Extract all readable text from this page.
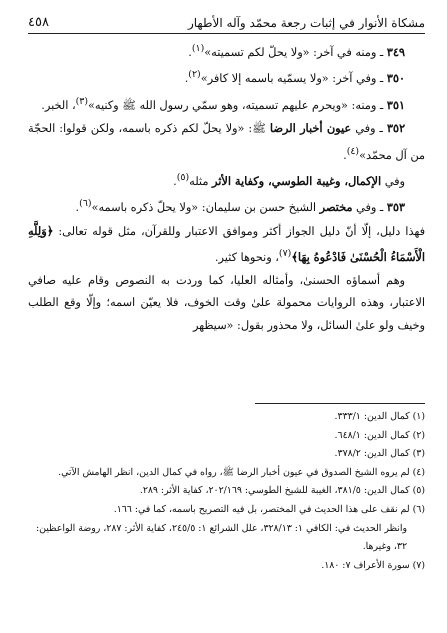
مشكاة الأنوار في إثبات رجعة محمّد وآله الأطهار
٤٥٨

٣٤٩ ـ ومنه في آخر: «ولا يحلّ لكم تسميته»$^{(١)}$.

٣٥٠ ـ وفي آخر: «ولا يسمّيه باسمه إلا كافر»$^{(٢)}$.

٣٥١ ـ ومنه: «ويحرم عليهم تسميته، وهو سمّي رسول الله ﷺ وكنيه»$^{(٣)}$، الخبر.

٣٥٢ ـ وفي عيون أخبار الرضا ﷺ: «ولا يحلّ لكم ذكره باسمه، ولكن قولوا: الحجّة من آل محمّد»$^{(٤)}$.

وفي الإكمال، وغيبة الطوسي، وكفاية الأثر مثله$^{(٥)}$.

٣٥٣ ـ وفي مختصر الشيخ حسن بن سليمان: «ولا يحلّ ذكره باسمه»$^{(٦)}$.

فهذا دليل، إلّا أنّ دليل الجواز أكثر وموافق الاعتبار وللقرآن، مثل قوله تعالى: ﴿وَلِلَّهِ الْأَسْمَاءُ الْحُسْنَىٰ فَادْعُوهُ بِهَا﴾$^{(٧)}$، ونحوها كثير.

وهم أسماؤه الحسنىٰ، وأمثاله العليا، كما وردت به النصوص وقام عليه صافي الاعتبار، وهذه الروايات محمولة علىٰ وقت الخوف، فلا يعيّن اسمه؛ وإلّا وقع الطلب وخيف ولو علىٰ السائل، ولا محذور بقول: «سيظهر

(١) كمال الدين: ٣٣٣/١.

(٢) كمال الدين: ٦٤٨/١.

(٣) كمال الدين: ٣٧٨/٢.

(٤) لم يروه الشيخ الصدوق في عيون أخبار الرضا ﷺ، رواه في كمال الدين، انظر الهامش الآتي.

(٥) كمال الدين: ٣٨١/٥، الغيبة للشيخ الطوسي: ٢٠٢/١٦٩، كفاية الأثر: ٢٨٩.

(٦) لم نقف على هذا الحديث في المختصر، بل فيه التصريح باسمه، كما في: ١٦٦.

وانظر الحديث في: الكافي ١: ٣٢٨/١٣، علل الشرائع ١: ٢٤٥/٥، كفاية الأثر: ٢٨٧، روضة الواعظين: ٣٢، وغيرها.

(٧) سورة الأعراف ٧: ١٨٠.
